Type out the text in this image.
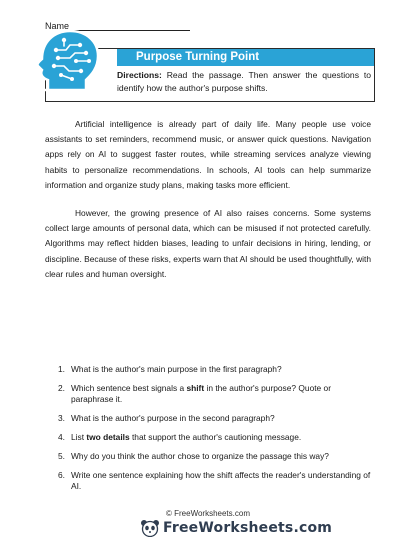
Name
Purpose Turning Point
Directions: Read the passage. Then answer the questions to identify how the author's purpose shifts.

Artificial intelligence is already part of daily life. Many people use voice assistants to set reminders, recommend music, or answer quick questions. Navigation apps rely on AI to suggest faster routes, while streaming services analyze viewing habits to personalize recommendations. In schools, AI tools can help summarize information and organize study plans, making tasks more efficient.

However, the growing presence of AI also raises concerns. Some systems collect large amounts of personal data, which can be misused if not protected carefully. Algorithms may reflect hidden biases, leading to unfair decisions in hiring, lending, or discipline. Because of these risks, experts warn that AI should be used thoughtfully, with clear rules and human oversight.

1. What is the author's main purpose in the first paragraph?
2. Which sentence best signals a shift in the author's purpose? Quote or paraphrase it.
3. What is the author's purpose in the second paragraph?
4. List two details that support the author's cautioning message.
5. Why do you think the author chose to organize the passage this way?
6. Write one sentence explaining how the shift affects the reader's understanding of AI.
© FreeWorksheets.com
FreeWorksheets.com
